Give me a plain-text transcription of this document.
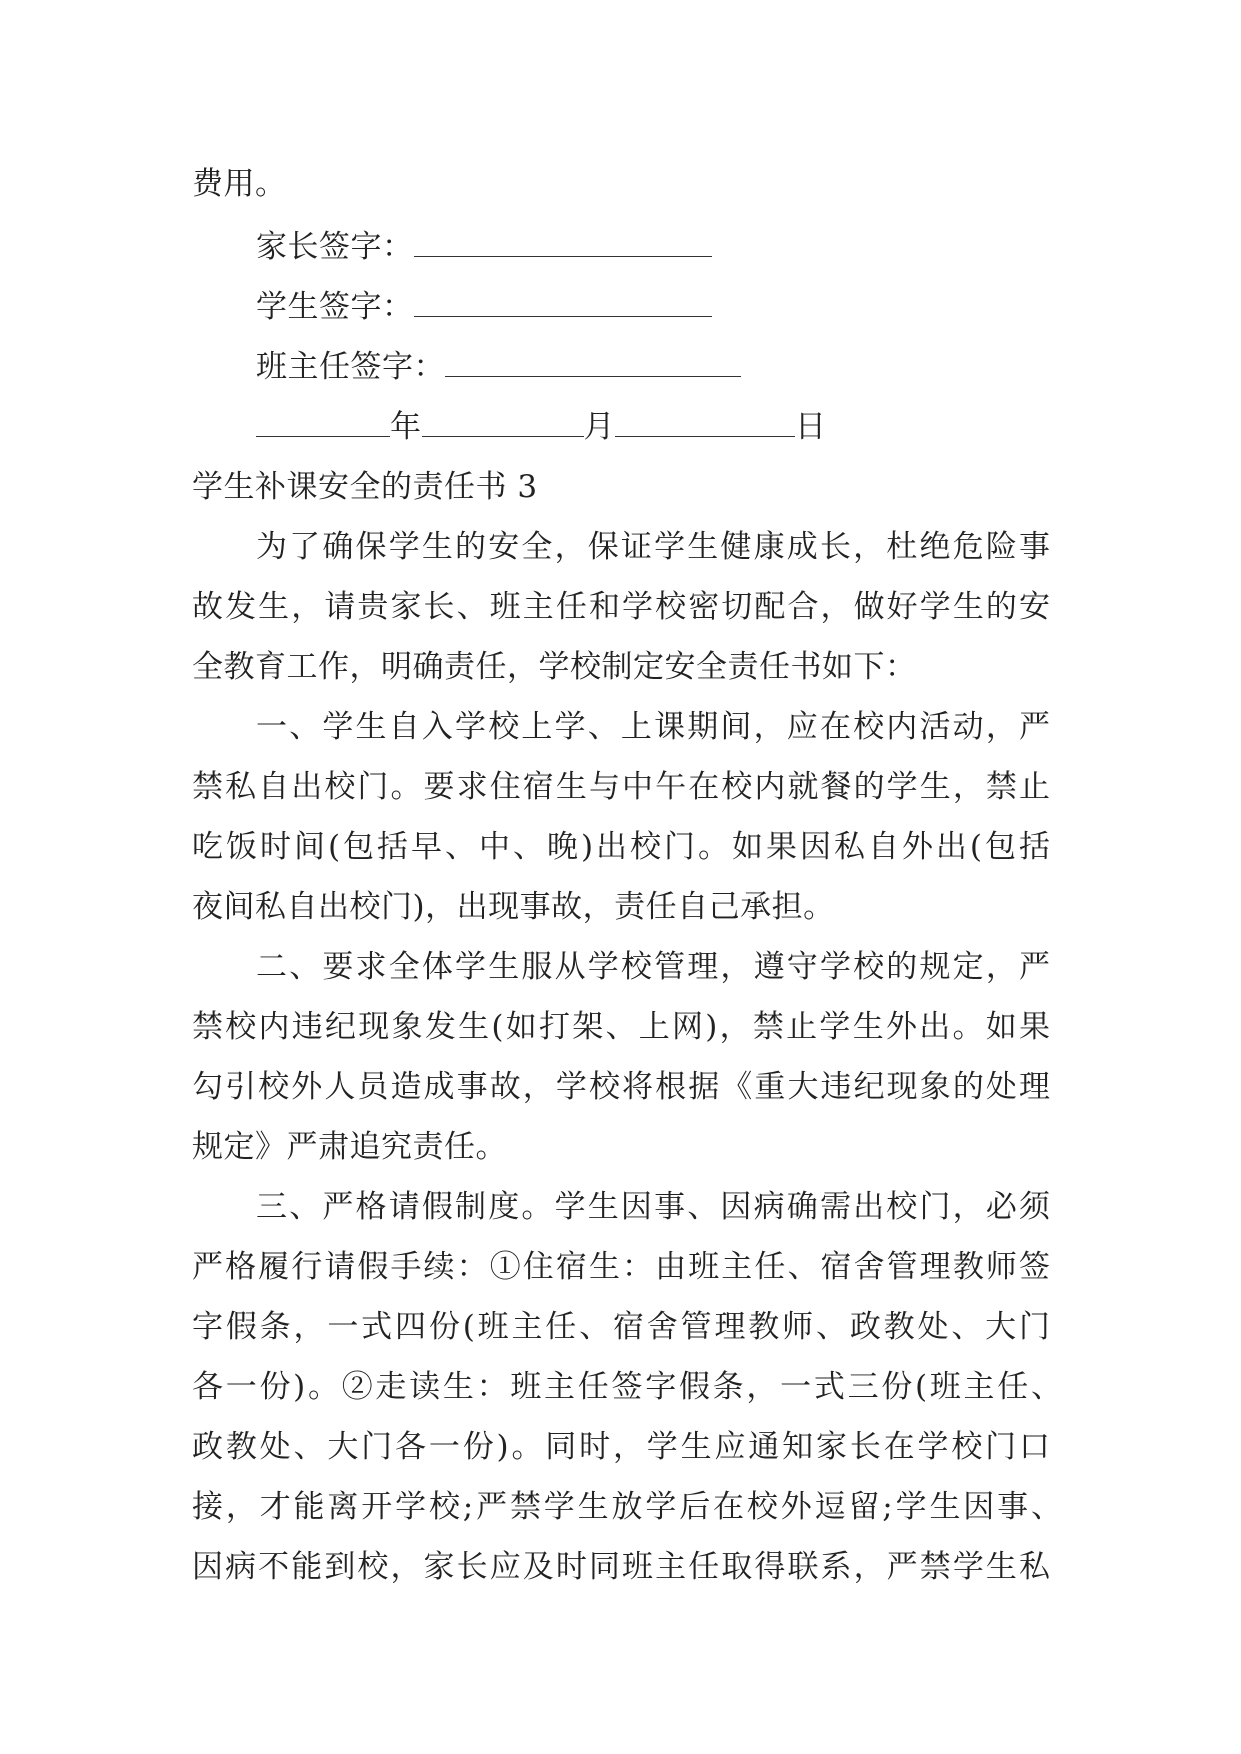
费用。
家长签字：
学生签字：
班主任签字：
年	月	日
学生补课安全的责任书 3
为了确保学生的安全，保证学生健康成长，杜绝危险事
故发生，请贵家长、班主任和学校密切配合，做好学生的安
全教育工作，明确责任，学校制定安全责任书如下：
一、学生自入学校上学、上课期间，应在校内活动，严
禁私自出校门。要求住宿生与中午在校内就餐的学生，禁止
吃饭时间(包括早、中、晚)出校门。如果因私自外出(包括
夜间私自出校门)，出现事故，责任自己承担。
二、要求全体学生服从学校管理，遵守学校的规定，严
禁校内违纪现象发生(如打架、上网)，禁止学生外出。如果
勾引校外人员造成事故，学校将根据《重大违纪现象的处理
规定》严肃追究责任。
三、严格请假制度。学生因事、因病确需出校门，必须
严格履行请假手续：①住宿生：由班主任、宿舍管理教师签
字假条，一式四份(班主任、宿舍管理教师、政教处、大门
各一份)。②走读生：班主任签字假条，一式三份(班主任、
政教处、大门各一份)。同时，学生应通知家长在学校门口
接，才能离开学校;严禁学生放学后在校外逗留;学生因事、
因病不能到校，家长应及时同班主任取得联系，严禁学生私
